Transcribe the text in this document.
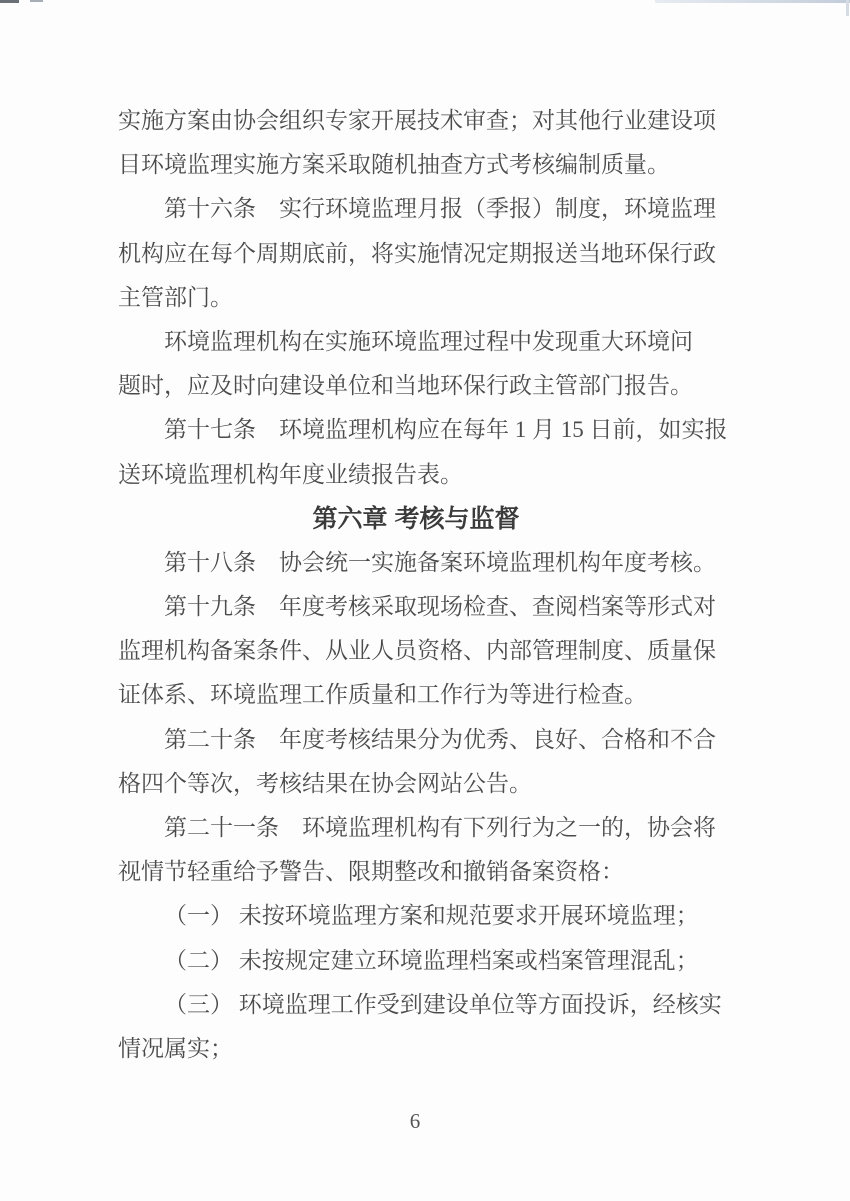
实施方案由协会组织专家开展技术审查；对其他行业建设项
目环境监理实施方案采取随机抽查方式考核编制质量。
第十六条　实行环境监理月报（季报）制度，环境监理
机构应在每个周期底前，将实施情况定期报送当地环保行政
主管部门。
环境监理机构在实施环境监理过程中发现重大环境问
题时，应及时向建设单位和当地环保行政主管部门报告。
第十七条　环境监理机构应在每年 1 月 15 日前，如实报
送环境监理机构年度业绩报告表。
第六章 考核与监督
第十八条　协会统一实施备案环境监理机构年度考核。
第十九条　年度考核采取现场检查、查阅档案等形式对
监理机构备案条件、从业人员资格、内部管理制度、质量保
证体系、环境监理工作质量和工作行为等进行检查。
第二十条　年度考核结果分为优秀、良好、合格和不合
格四个等次，考核结果在协会网站公告。
第二十一条　环境监理机构有下列行为之一的，协会将
视情节轻重给予警告、限期整改和撤销备案资格：
（一） 未按环境监理方案和规范要求开展环境监理；
（二） 未按规定建立环境监理档案或档案管理混乱；
（三） 环境监理工作受到建设单位等方面投诉，经核实
情况属实；
6
